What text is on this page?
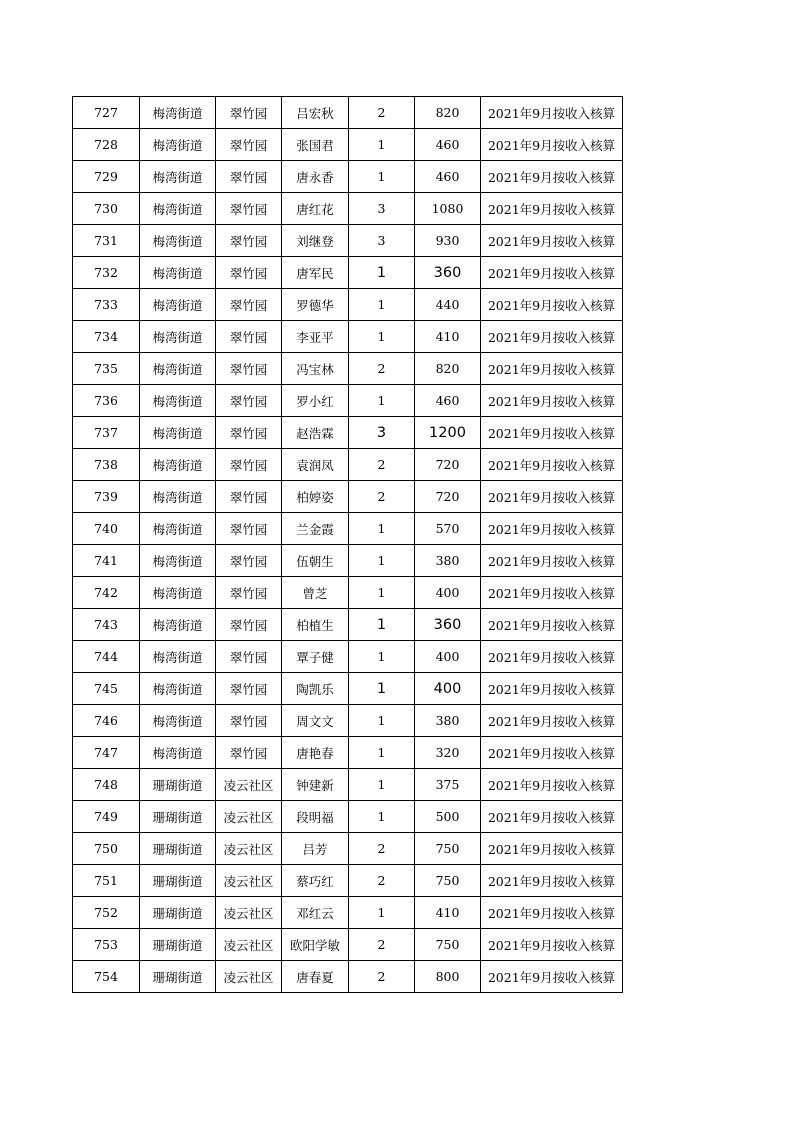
727	梅湾街道	翠竹园	吕宏秋	2	820	2021年9月按收入核算
728	梅湾街道	翠竹园	张国君	1	460	2021年9月按收入核算
729	梅湾街道	翠竹园	唐永香	1	460	2021年9月按收入核算
730	梅湾街道	翠竹园	唐红花	3	1080	2021年9月按收入核算
731	梅湾街道	翠竹园	刘继登	3	930	2021年9月按收入核算
732	梅湾街道	翠竹园	唐军民	1	360	2021年9月按收入核算
733	梅湾街道	翠竹园	罗德华	1	440	2021年9月按收入核算
734	梅湾街道	翠竹园	李亚平	1	410	2021年9月按收入核算
735	梅湾街道	翠竹园	冯宝林	2	820	2021年9月按收入核算
736	梅湾街道	翠竹园	罗小红	1	460	2021年9月按收入核算
737	梅湾街道	翠竹园	赵浩霖	3	1200	2021年9月按收入核算
738	梅湾街道	翠竹园	袁润凤	2	720	2021年9月按收入核算
739	梅湾街道	翠竹园	柏婷姿	2	720	2021年9月按收入核算
740	梅湾街道	翠竹园	兰金霞	1	570	2021年9月按收入核算
741	梅湾街道	翠竹园	伍朝生	1	380	2021年9月按收入核算
742	梅湾街道	翠竹园	曾芝	1	400	2021年9月按收入核算
743	梅湾街道	翠竹园	柏植生	1	360	2021年9月按收入核算
744	梅湾街道	翠竹园	覃子健	1	400	2021年9月按收入核算
745	梅湾街道	翠竹园	陶凯乐	1	400	2021年9月按收入核算
746	梅湾街道	翠竹园	周文文	1	380	2021年9月按收入核算
747	梅湾街道	翠竹园	唐艳春	1	320	2021年9月按收入核算
748	珊瑚街道	凌云社区	钟建新	1	375	2021年9月按收入核算
749	珊瑚街道	凌云社区	段明福	1	500	2021年9月按收入核算
750	珊瑚街道	凌云社区	吕芳	2	750	2021年9月按收入核算
751	珊瑚街道	凌云社区	蔡巧红	2	750	2021年9月按收入核算
752	珊瑚街道	凌云社区	邓红云	1	410	2021年9月按收入核算
753	珊瑚街道	凌云社区	欧阳学敏	2	750	2021年9月按收入核算
754	珊瑚街道	凌云社区	唐春夏	2	800	2021年9月按收入核算
